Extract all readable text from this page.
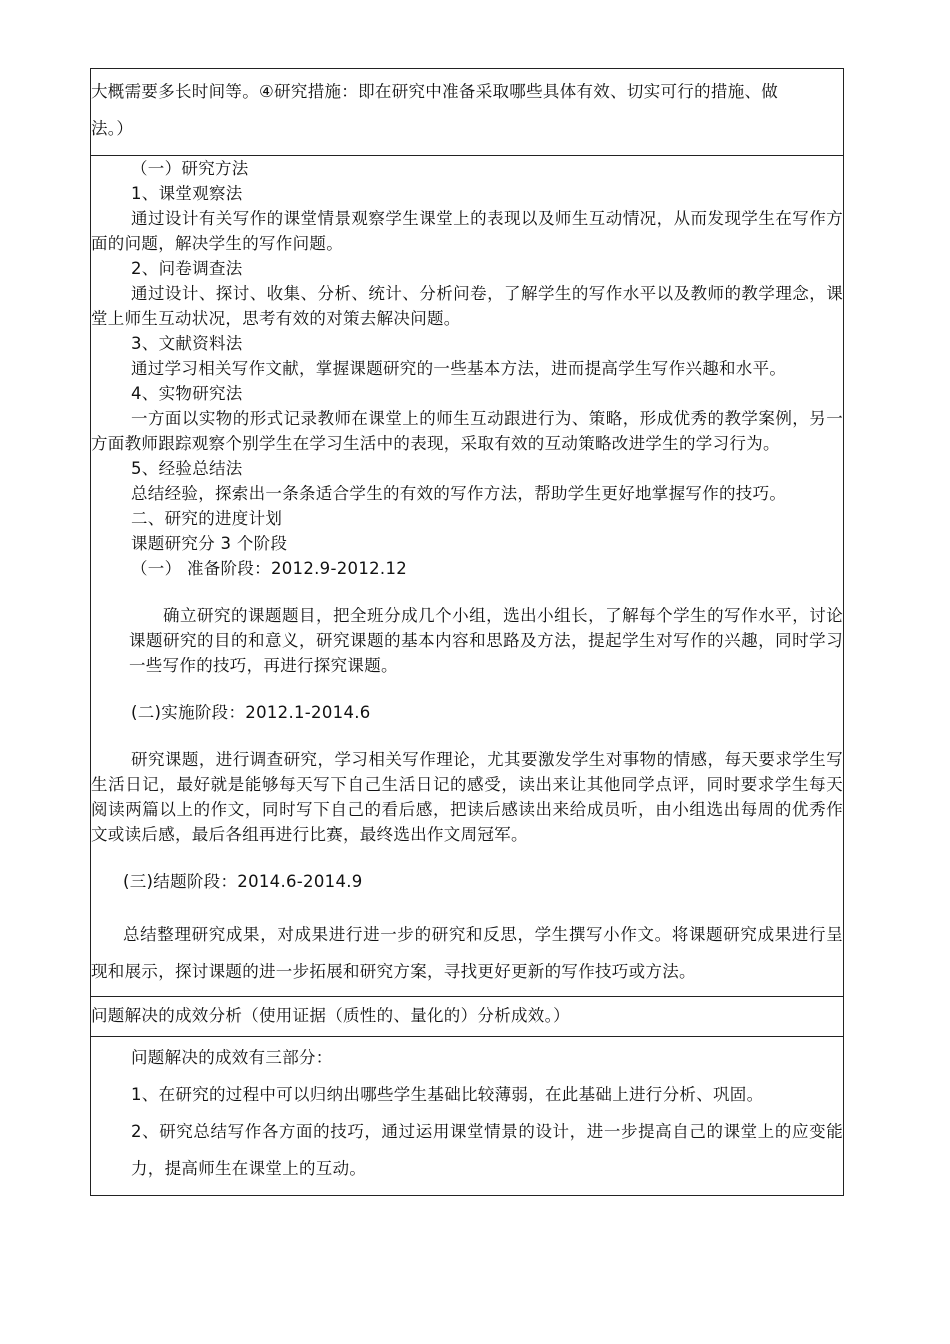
大概需要多长时间等。④研究措施：即在研究中准备采取哪些具体有效、切实可行的措施、做

法。）

（一）研究方法

1、课堂观察法

通过设计有关写作的课堂情景观察学生课堂上的表现以及师生互动情况，从而发现学生在写作方面的问题，解决学生的写作问题。

2、问卷调查法

通过设计、探讨、收集、分析、统计、分析问卷，了解学生的写作水平以及教师的教学理念，课堂上师生互动状况，思考有效的对策去解决问题。

3、文献资料法

通过学习相关写作文献，掌握课题研究的一些基本方法，进而提高学生写作兴趣和水平。

4、实物研究法

一方面以实物的形式记录教师在课堂上的师生互动跟进行为、策略，形成优秀的教学案例，另一方面教师跟踪观察个别学生在学习生活中的表现，采取有效的互动策略改进学生的学习行为。

5、经验总结法

总结经验，探索出一条条适合学生的有效的写作方法，帮助学生更好地掌握写作的技巧。

二、研究的进度计划

课题研究分 3 个阶段

（一） 准备阶段：2012.9-2012.12

确立研究的课题题目，把全班分成几个小组，选出小组长，了解每个学生的写作水平，讨论课题研究的目的和意义，研究课题的基本内容和思路及方法，提起学生对写作的兴趣，同时学习一些写作的技巧，再进行探究课题。

(二)实施阶段：2012.1-2014.6

研究课题，进行调查研究，学习相关写作理论，尤其要激发学生对事物的情感，每天要求学生写生活日记，最好就是能够每天写下自己生活日记的感受，读出来让其他同学点评，同时要求学生每天阅读两篇以上的作文，同时写下自己的看后感，把读后感读出来给成员听，由小组选出每周的优秀作文或读后感，最后各组再进行比赛，最终选出作文周冠军。

(三)结题阶段：2014.6-2014.9

总结整理研究成果，对成果进行进一步的研究和反思，学生撰写小作文。将课题研究成果进行呈现和展示，探讨课题的进一步拓展和研究方案，寻找更好更新的写作技巧或方法。

问题解决的成效分析（使用证据（质性的、量化的）分析成效。）

问题解决的成效有三部分：

1、在研究的过程中可以归纳出哪些学生基础比较薄弱，在此基础上进行分析、巩固。

2、研究总结写作各方面的技巧，通过运用课堂情景的设计，进一步提高自己的课堂上的应变能力，提高师生在课堂上的互动。
